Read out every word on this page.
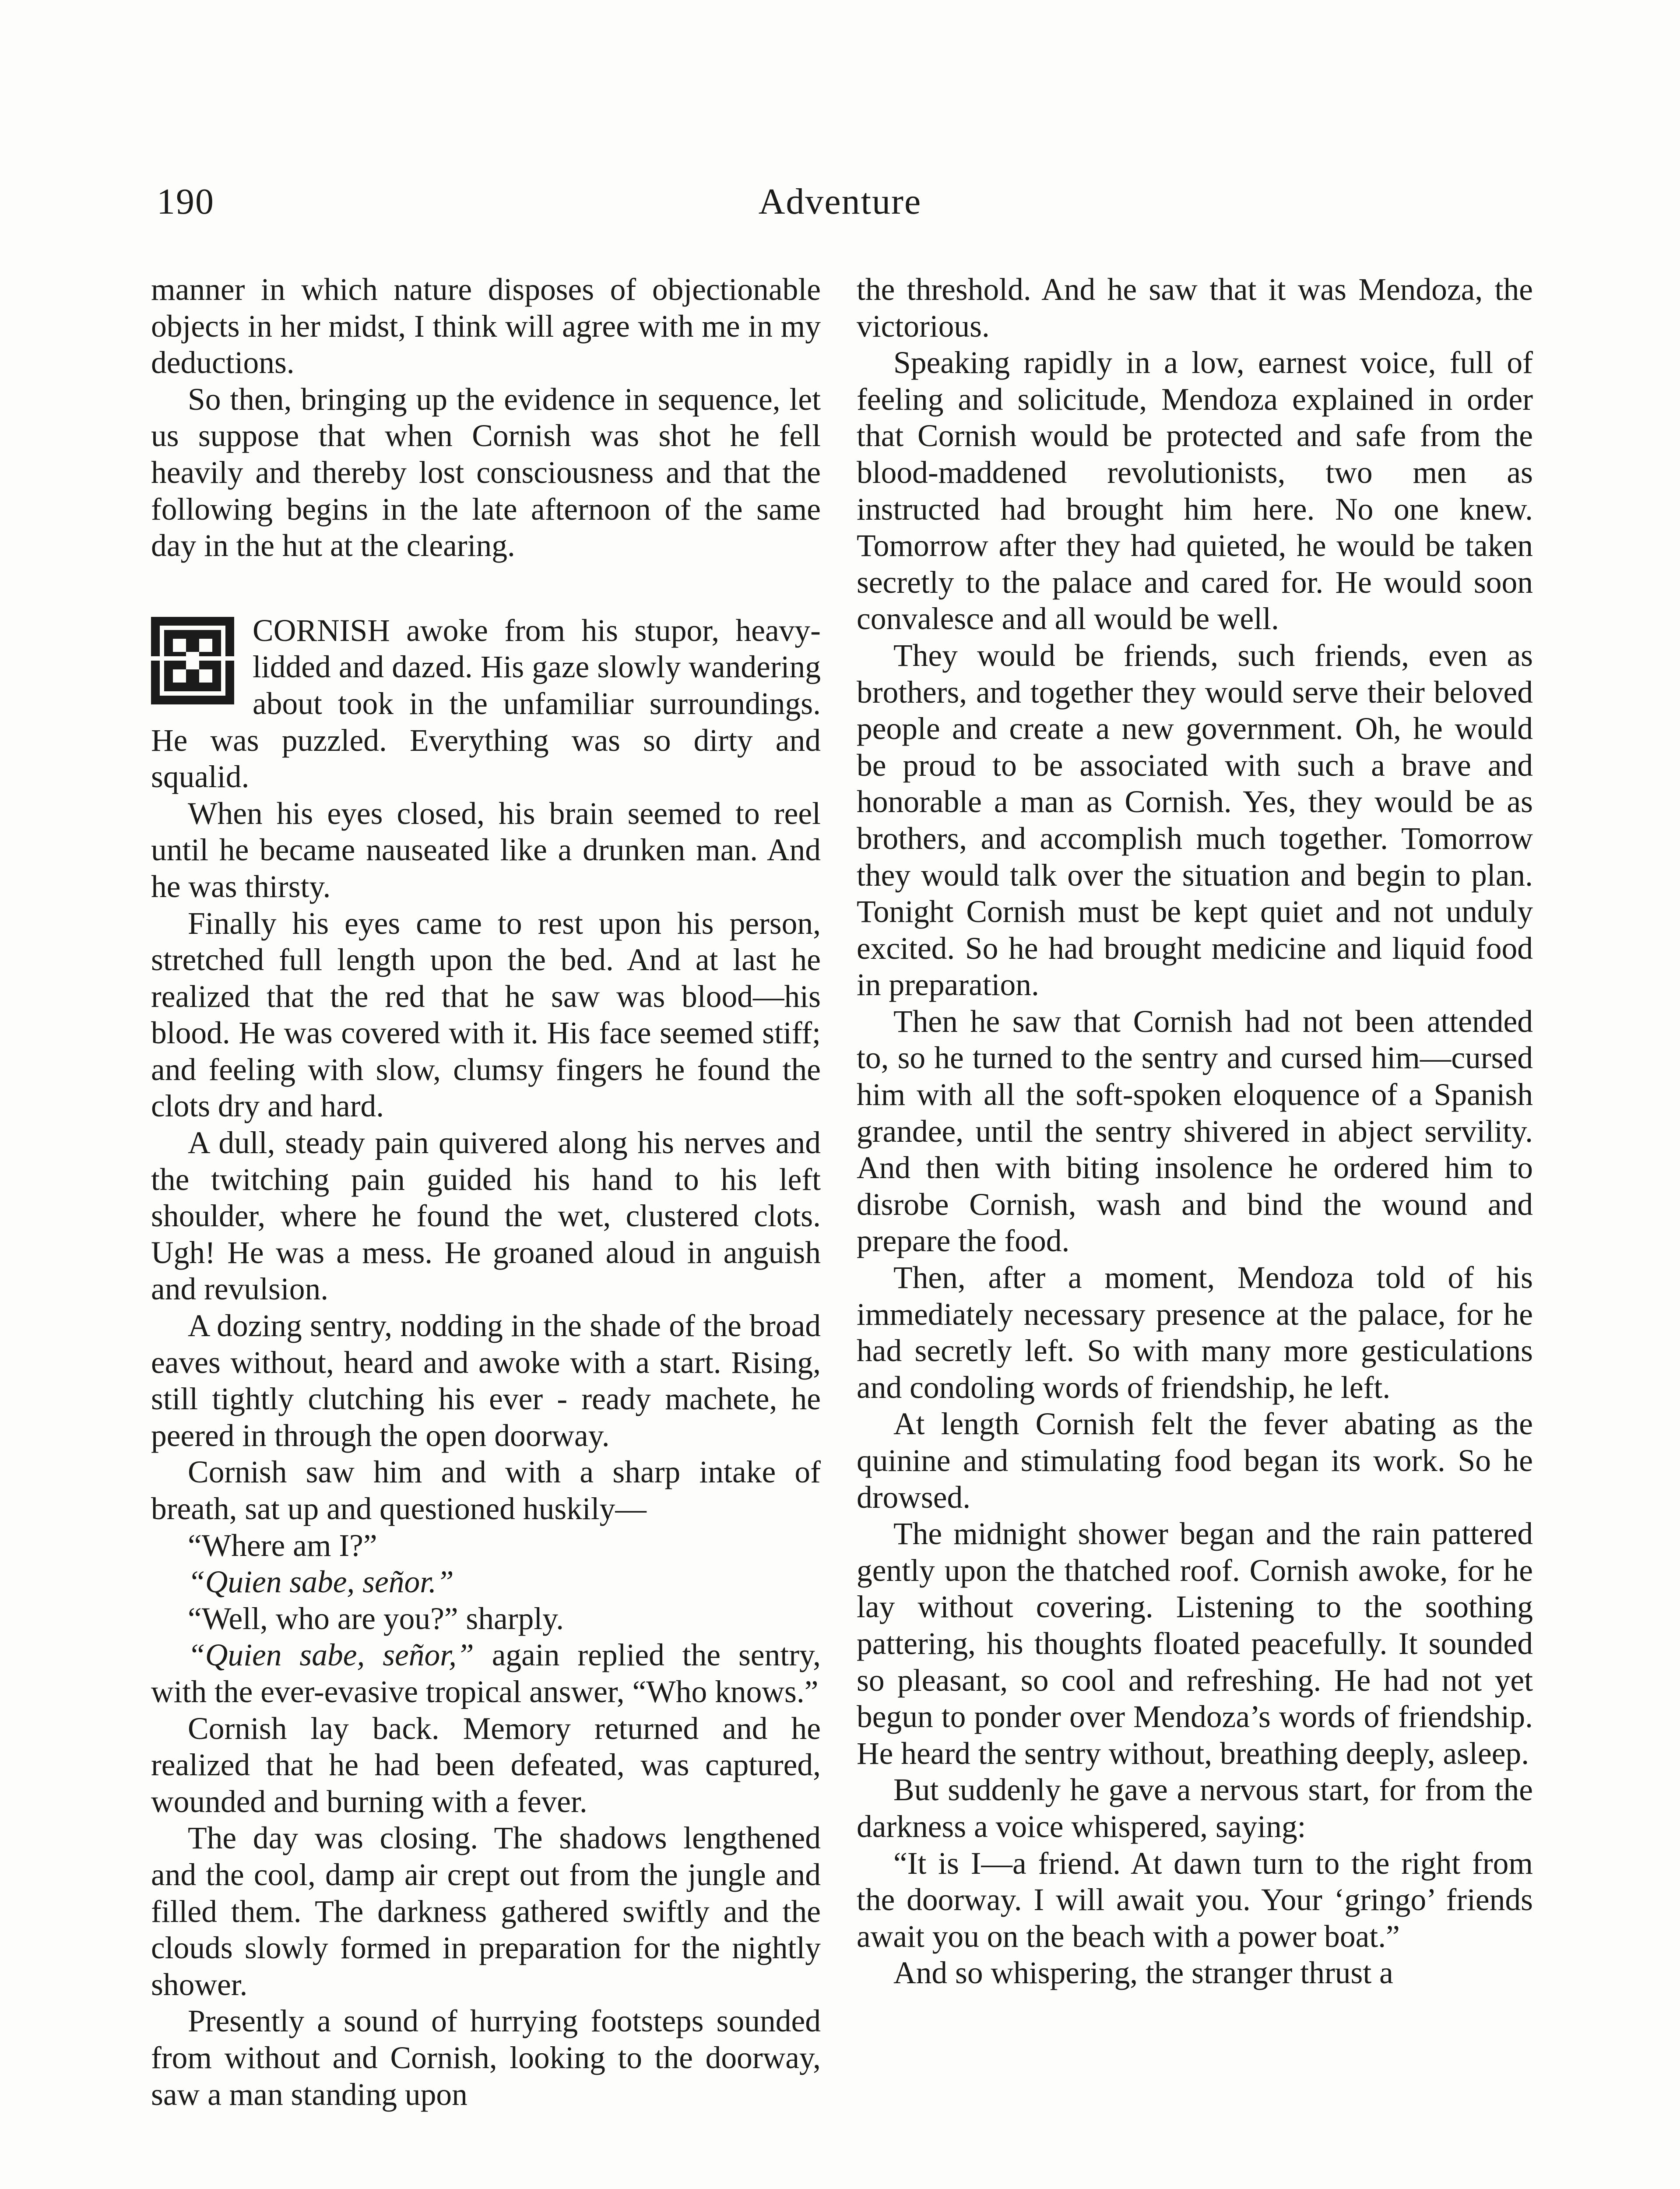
190	Adventure

manner in which nature disposes of objectionable objects in her midst, I think will agree with me in my deductions.

So then, bringing up the evidence in sequence, let us suppose that when Cornish was shot he fell heavily and thereby lost consciousness and that the following begins in the late afternoon of the same day in the hut at the clearing.

CORNISH awoke from his stupor, heavy-lidded and dazed. His gaze slowly wandering about took in the unfamiliar surroundings. He was puzzled. Everything was so dirty and squalid.

When his eyes closed, his brain seemed to reel until he became nauseated like a drunken man. And he was thirsty.

Finally his eyes came to rest upon his person, stretched full length upon the bed. And at last he realized that the red that he saw was blood—his blood. He was covered with it. His face seemed stiff; and feeling with slow, clumsy fingers he found the clots dry and hard.

A dull, steady pain quivered along his nerves and the twitching pain guided his hand to his left shoulder, where he found the wet, clustered clots. Ugh! He was a mess. He groaned aloud in anguish and revulsion.

A dozing sentry, nodding in the shade of the broad eaves without, heard and awoke with a start. Rising, still tightly clutching his ever - ready machete, he peered in through the open doorway.

Cornish saw him and with a sharp intake of breath, sat up and questioned huskily—

“Where am I?”

“Quien sabe, señor.”

“Well, who are you?” sharply.

“Quien sabe, señor,” again replied the sentry, with the ever-evasive tropical answer, “Who knows.”

Cornish lay back. Memory returned and he realized that he had been defeated, was captured, wounded and burning with a fever.

The day was closing. The shadows lengthened and the cool, damp air crept out from the jungle and filled them. The darkness gathered swiftly and the clouds slowly formed in preparation for the nightly shower.

Presently a sound of hurrying footsteps sounded from without and Cornish, looking to the doorway, saw a man standing upon

the threshold. And he saw that it was Mendoza, the victorious.

Speaking rapidly in a low, earnest voice, full of feeling and solicitude, Mendoza explained in order that Cornish would be protected and safe from the blood-maddened revolutionists, two men as instructed had brought him here. No one knew. Tomorrow after they had quieted, he would be taken secretly to the palace and cared for. He would soon convalesce and all would be well.

They would be friends, such friends, even as brothers, and together they would serve their beloved people and create a new government. Oh, he would be proud to be associated with such a brave and honorable a man as Cornish. Yes, they would be as brothers, and accomplish much together. Tomorrow they would talk over the situation and begin to plan. Tonight Cornish must be kept quiet and not unduly excited. So he had brought medicine and liquid food in preparation.

Then he saw that Cornish had not been attended to, so he turned to the sentry and cursed him—cursed him with all the soft-spoken eloquence of a Spanish grandee, until the sentry shivered in abject servility. And then with biting insolence he ordered him to disrobe Cornish, wash and bind the wound and prepare the food.

Then, after a moment, Mendoza told of his immediately necessary presence at the palace, for he had secretly left. So with many more gesticulations and condoling words of friendship, he left.

At length Cornish felt the fever abating as the quinine and stimulating food began its work. So he drowsed.

The midnight shower began and the rain pattered gently upon the thatched roof. Cornish awoke, for he lay without covering. Listening to the soothing pattering, his thoughts floated peacefully. It sounded so pleasant, so cool and refreshing. He had not yet begun to ponder over Mendoza’s words of friendship. He heard the sentry without, breathing deeply, asleep.

But suddenly he gave a nervous start, for from the darkness a voice whispered, saying:

“It is I—a friend. At dawn turn to the right from the doorway. I will await you. Your ‘gringo’ friends await you on the beach with a power boat.”

And so whispering, the stranger thrust a
